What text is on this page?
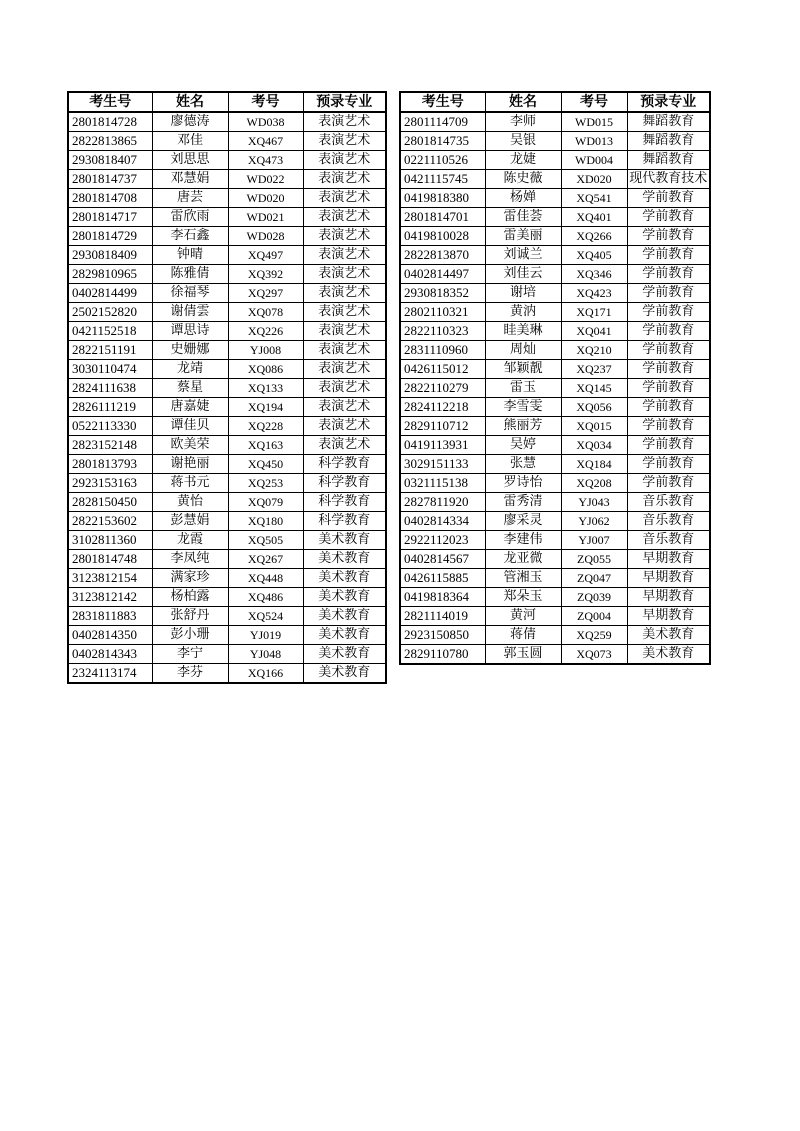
考生号	姓名	考号	预录专业
2801814728	廖德涛	WD038	表演艺术
2822813865	邓佳	XQ467	表演艺术
2930818407	刘思思	XQ473	表演艺术
2801814737	邓慧娟	WD022	表演艺术
2801814708	唐芸	WD020	表演艺术
2801814717	雷欣雨	WD021	表演艺术
2801814729	李石鑫	WD028	表演艺术
2930818409	钟晴	XQ497	表演艺术
2829810965	陈雅倩	XQ392	表演艺术
0402814499	徐福琴	XQ297	表演艺术
2502152820	谢倩雲	XQ078	表演艺术
0421152518	谭思诗	XQ226	表演艺术
2822151191	史姗娜	YJ008	表演艺术
3030110474	龙靖	XQ086	表演艺术
2824111638	蔡星	XQ133	表演艺术
2826111219	唐嘉婕	XQ194	表演艺术
0522113330	谭佳贝	XQ228	表演艺术
2823152148	欧美荣	XQ163	表演艺术
2801813793	谢艳丽	XQ450	科学教育
2923153163	蒋书元	XQ253	科学教育
2828150450	黄怡	XQ079	科学教育
2822153602	彭慧娟	XQ180	科学教育
3102811360	龙霞	XQ505	美术教育
2801814748	李凤纯	XQ267	美术教育
3123812154	满家珍	XQ448	美术教育
3123812142	杨柏露	XQ486	美术教育
2831811883	张舒丹	XQ524	美术教育
0402814350	彭小珊	YJ019	美术教育
0402814343	李宁	YJ048	美术教育
2324113174	李芬	XQ166	美术教育
考生号	姓名	考号	预录专业
2801114709	李师	WD015	舞蹈教育
2801814735	吴银	WD013	舞蹈教育
0221110526	龙婕	WD004	舞蹈教育
0421115745	陈史薇	XD020	现代教育技术
0419818380	杨婵	XQ541	学前教育
2801814701	雷佳荟	XQ401	学前教育
0419810028	雷美丽	XQ266	学前教育
2822813870	刘诚兰	XQ405	学前教育
0402814497	刘佳云	XQ346	学前教育
2930818352	谢培	XQ423	学前教育
2802110321	黄汭	XQ171	学前教育
2822110323	眭美琳	XQ041	学前教育
2831110960	周灿	XQ210	学前教育
0426115012	邹颖靓	XQ237	学前教育
2822110279	雷玉	XQ145	学前教育
2824112218	李雪雯	XQ056	学前教育
2829110712	熊丽芳	XQ015	学前教育
0419113931	吴婷	XQ034	学前教育
3029151133	张慧	XQ184	学前教育
0321115138	罗诗怡	XQ208	学前教育
2827811920	雷秀清	YJ043	音乐教育
0402814334	廖采灵	YJ062	音乐教育
2922112023	李建伟	YJ007	音乐教育
0402814567	龙亚微	ZQ055	早期教育
0426115885	管湘玉	ZQ047	早期教育
0419818364	郑朵玉	ZQ039	早期教育
2821114019	黄河	ZQ004	早期教育
2923150850	蒋倩	XQ259	美术教育
2829110780	郭玉圆	XQ073	美术教育
